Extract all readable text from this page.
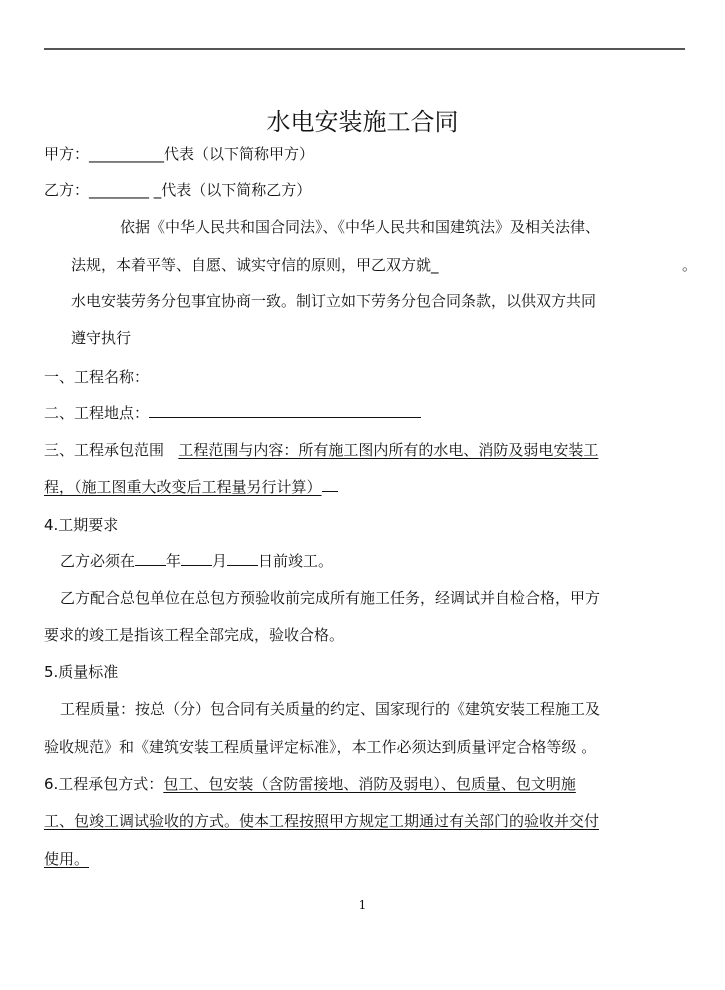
水电安装施工合同
甲方：__________代表（以下简称甲方）
乙方：________ _代表（以下简称乙方）
依据《中华人民共和国合同法》、《中华人民共和国建筑法》及相关法律、
法规，本着平等、自愿、诚实守信的原则，甲乙双方就_	。
水电安装劳务分包事宜协商一致。制订立如下劳务分包合同条款，以供双方共同
遵守执行
一、工程名称：
二、工程地点：
三、工程承包范围 工程范围与内容：所有施工图内所有的水电、消防及弱电安装工
程，（施工图重大改变后工程量另行计算）
4.工期要求
乙方必须在 年 月 日前竣工。
乙方配合总包单位在总包方预验收前完成所有施工任务，经调试并自检合格，甲方
要求的竣工是指该工程全部完成，验收合格。
5.质量标准
工程质量：按总（分）包合同有关质量的约定、国家现行的《建筑安装工程施工及
验收规范》和《建筑安装工程质量评定标准》，本工作必须达到质量评定合格等级 。
6.工程承包方式：包工、包安装（含防雷接地、消防及弱电）、包质量、包文明施
工、包竣工调试验收的方式。使本工程按照甲方规定工期通过有关部门的验收并交付
使用。
1
